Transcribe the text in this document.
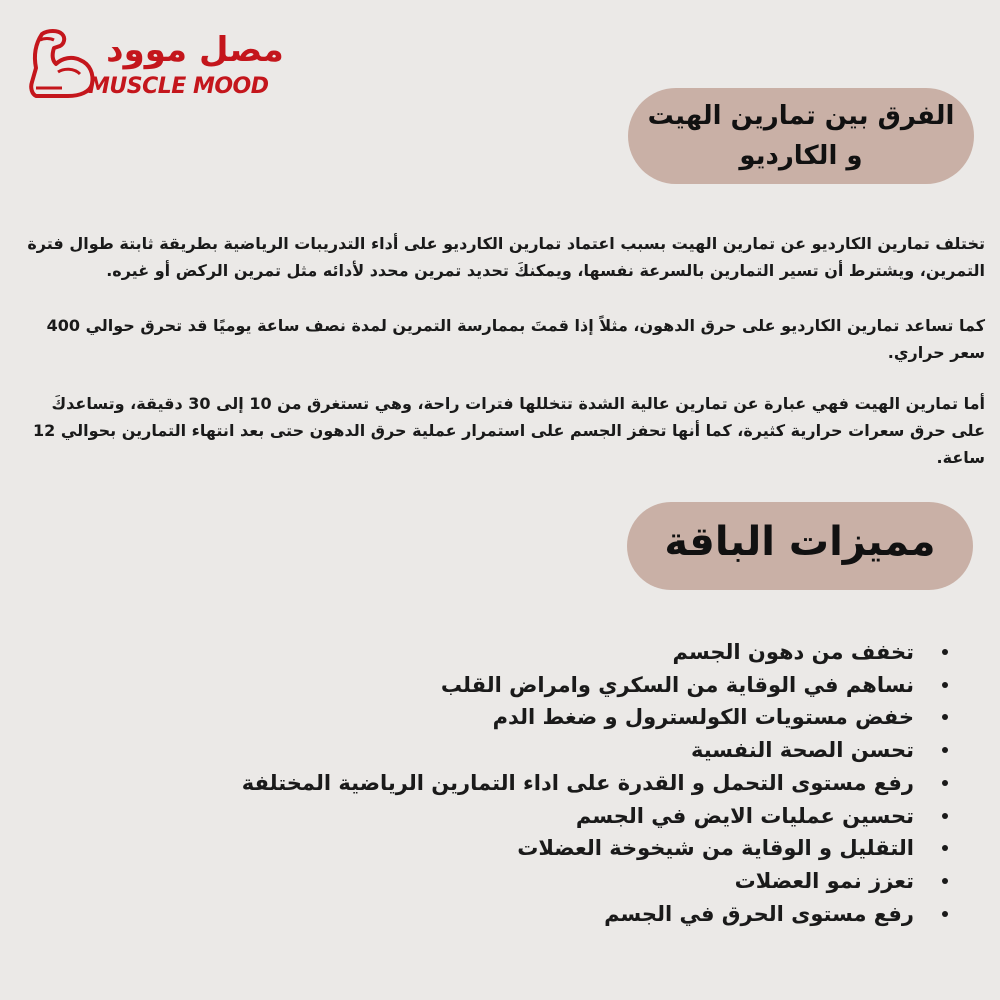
مصل موود
MUSCLE MOOD
الفرق بين تمارين الهيت
و الكارديو

تختلف تمارين الكارديو عن تمارين الهيت بسبب اعتماد تمارين الكارديو على أداء التدريبات الرياضية بطريقة ثابتة طوال فترة التمرين، ويشترط أن تسير التمارين بالسرعة نفسها، ويمكنكَ تحديد تمرين محدد لأدائه مثل تمرين الركض أو غيره.

كما تساعد تمارين الكارديو على حرق الدهون، مثلاً إذا قمتَ بممارسة التمرين لمدة نصف ساعة يوميًا قد تحرق حوالي 400 سعر حراري.

أما تمارين الهيت فهي عبارة عن تمارين عالية الشدة تتخللها فترات راحة، وهي تستغرق من 10 إلى 30 دقيقة، وتساعدكَ على حرق سعرات حرارية كثيرة، كما أنها تحفز الجسم على استمرار عملية حرق الدهون حتى بعد انتهاء التمارين بحوالي 12 ساعة.

مميزات الباقة
تخفف من دهون الجسم
نساهم في الوقاية من السكري وامراض القلب
خفض مستويات الكولسترول و ضغط الدم
تحسن الصحة النفسية
رفع مستوى التحمل و القدرة على اداء التمارين الرياضية المختلفة
تحسين عمليات الايض في الجسم
التقليل و الوقاية من شيخوخة العضلات
تعزز نمو العضلات
رفع مستوى الحرق في الجسم
